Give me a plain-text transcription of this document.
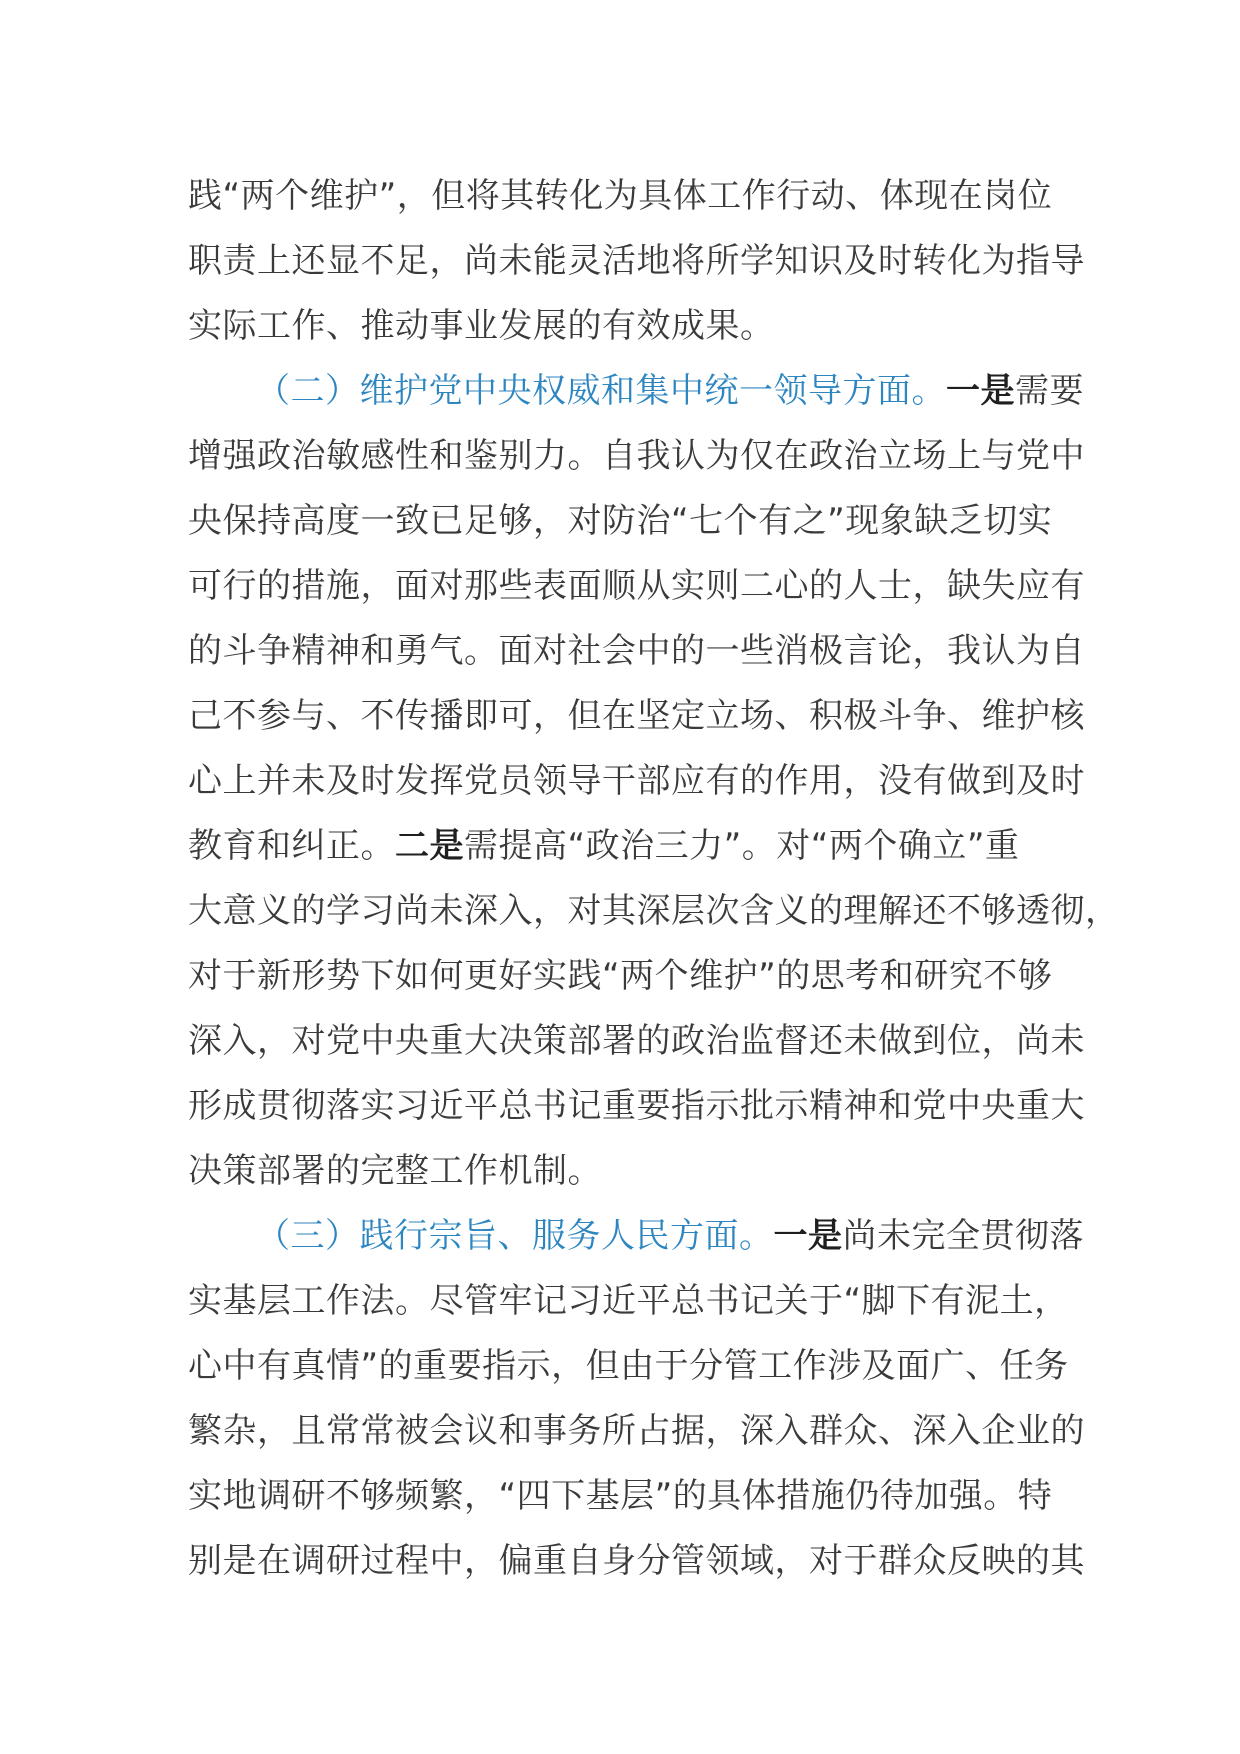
践“两个维护”，但将其转化为具体工作行动、体现在岗位
职责上还显不足，尚未能灵活地将所学知识及时转化为指导
实际工作、推动事业发展的有效成果。
（二）维护党中央权威和集中统一领导方面。一是需要
增强政治敏感性和鉴别力。自我认为仅在政治立场上与党中
央保持高度一致已足够，对防治“七个有之”现象缺乏切实
可行的措施，面对那些表面顺从实则二心的人士，缺失应有
的斗争精神和勇气。面对社会中的一些消极言论，我认为自
己不参与、不传播即可，但在坚定立场、积极斗争、维护核
心上并未及时发挥党员领导干部应有的作用，没有做到及时
教育和纠正。二是需提高“政治三力”。对“两个确立”重
大意义的学习尚未深入，对其深层次含义的理解还不够透彻，
对于新形势下如何更好实践“两个维护”的思考和研究不够
深入，对党中央重大决策部署的政治监督还未做到位，尚未
形成贯彻落实习近平总书记重要指示批示精神和党中央重大
决策部署的完整工作机制。
（三）践行宗旨、服务人民方面。一是尚未完全贯彻落
实基层工作法。尽管牢记习近平总书记关于“脚下有泥土，
心中有真情”的重要指示，但由于分管工作涉及面广、任务
繁杂，且常常被会议和事务所占据，深入群众、深入企业的
实地调研不够频繁，“四下基层”的具体措施仍待加强。特
别是在调研过程中，偏重自身分管领域，对于群众反映的其
